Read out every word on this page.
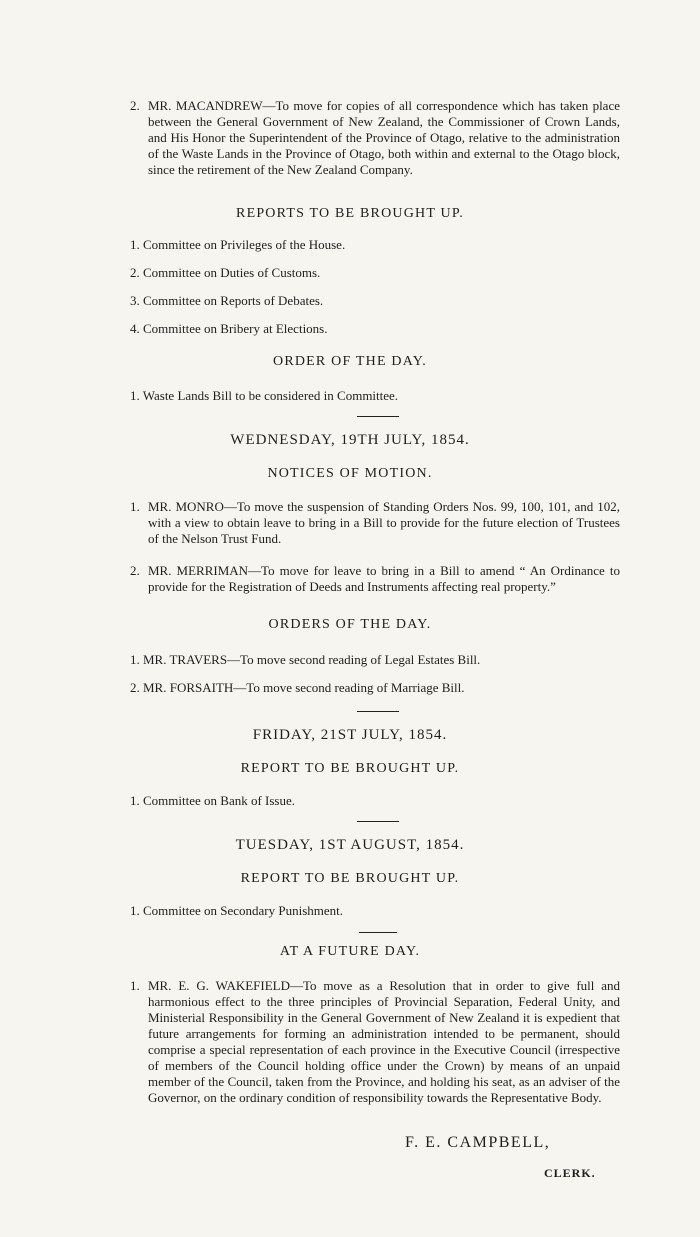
2. MR. MACANDREW—To move for copies of all correspondence which has taken place between the General Government of New Zealand, the Commissioner of Crown Lands, and His Honor the Superintendent of the Province of Otago, relative to the administration of the Waste Lands in the Province of Otago, both within and external to the Otago block, since the retirement of the New Zealand Company.
REPORTS TO BE BROUGHT UP.
1. Committee on Privileges of the House.
2. Committee on Duties of Customs.
3. Committee on Reports of Debates.
4. Committee on Bribery at Elections.
ORDER OF THE DAY.
1. Waste Lands Bill to be considered in Committee.
WEDNESDAY, 19TH JULY, 1854.
NOTICES OF MOTION.
1. MR. MONRO—To move the suspension of Standing Orders Nos. 99, 100, 101, and 102, with a view to obtain leave to bring in a Bill to provide for the future election of Trustees of the Nelson Trust Fund.
2. MR. MERRIMAN—To move for leave to bring in a Bill to amend “ An Ordinance to provide for the Registration of Deeds and Instruments affecting real property.”
ORDERS OF THE DAY.
1. MR. TRAVERS—To move second reading of Legal Estates Bill.
2. MR. FORSAITH—To move second reading of Marriage Bill.
FRIDAY, 21ST JULY, 1854.
REPORT TO BE BROUGHT UP.
1. Committee on Bank of Issue.
TUESDAY, 1ST AUGUST, 1854.
REPORT TO BE BROUGHT UP.
1. Committee on Secondary Punishment.
AT A FUTURE DAY.
1. MR. E. G. WAKEFIELD—To move as a Resolution that in order to give full and harmonious effect to the three principles of Provincial Separation, Federal Unity, and Ministerial Responsibility in the General Government of New Zealand it is expedient that future arrangements for forming an administration intended to be permanent, should comprise a special representation of each province in the Executive Council (irrespective of members of the Council holding office under the Crown) by means of an unpaid member of the Council, taken from the Province, and holding his seat, as an adviser of the Governor, on the ordinary condition of responsibility towards the Representative Body.
F. E. CAMPBELL,
CLERK.
